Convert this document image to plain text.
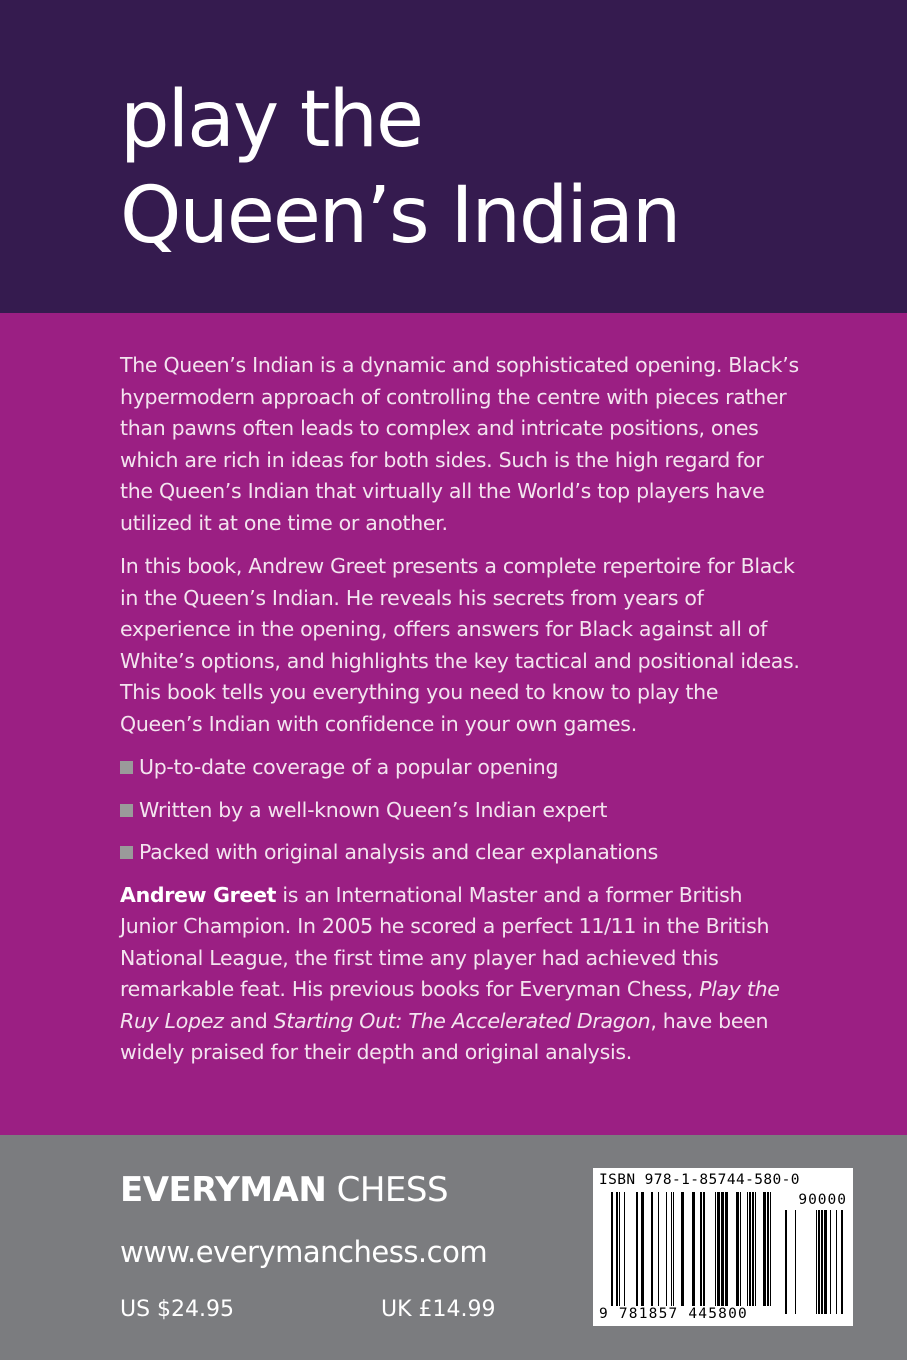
play the
Queen’s Indian

The Queen’s Indian is a dynamic and sophisticated opening. Black’s hypermodern approach of controlling the centre with pieces rather than pawns often leads to complex and intricate positions, ones which are rich in ideas for both sides. Such is the high regard for the Queen’s Indian that virtually all the World’s top players have utilized it at one time or another.

In this book, Andrew Greet presents a complete repertoire for Black in the Queen’s Indian. He reveals his secrets from years of experience in the opening, offers answers for Black against all of White’s options, and highlights the key tactical and positional ideas. This book tells you everything you need to know to play the Queen’s Indian with confidence in your own games.

Up-to-date coverage of a popular opening
Written by a well-known Queen’s Indian expert
Packed with original analysis and clear explanations

Andrew Greet is an International Master and a former British Junior Champion. In 2005 he scored a perfect 11/11 in the British National League, the first time any player had achieved this remarkable feat. His previous books for Everyman Chess, Play the Ruy Lopez and Starting Out: The Accelerated Dragon, have been widely praised for their depth and original analysis.

EVERYMAN CHESS
www.everymanchess.com
US $24.95	UK £14.99
ISBN 978-1-85744-580-0
90000
9 781857 445800
